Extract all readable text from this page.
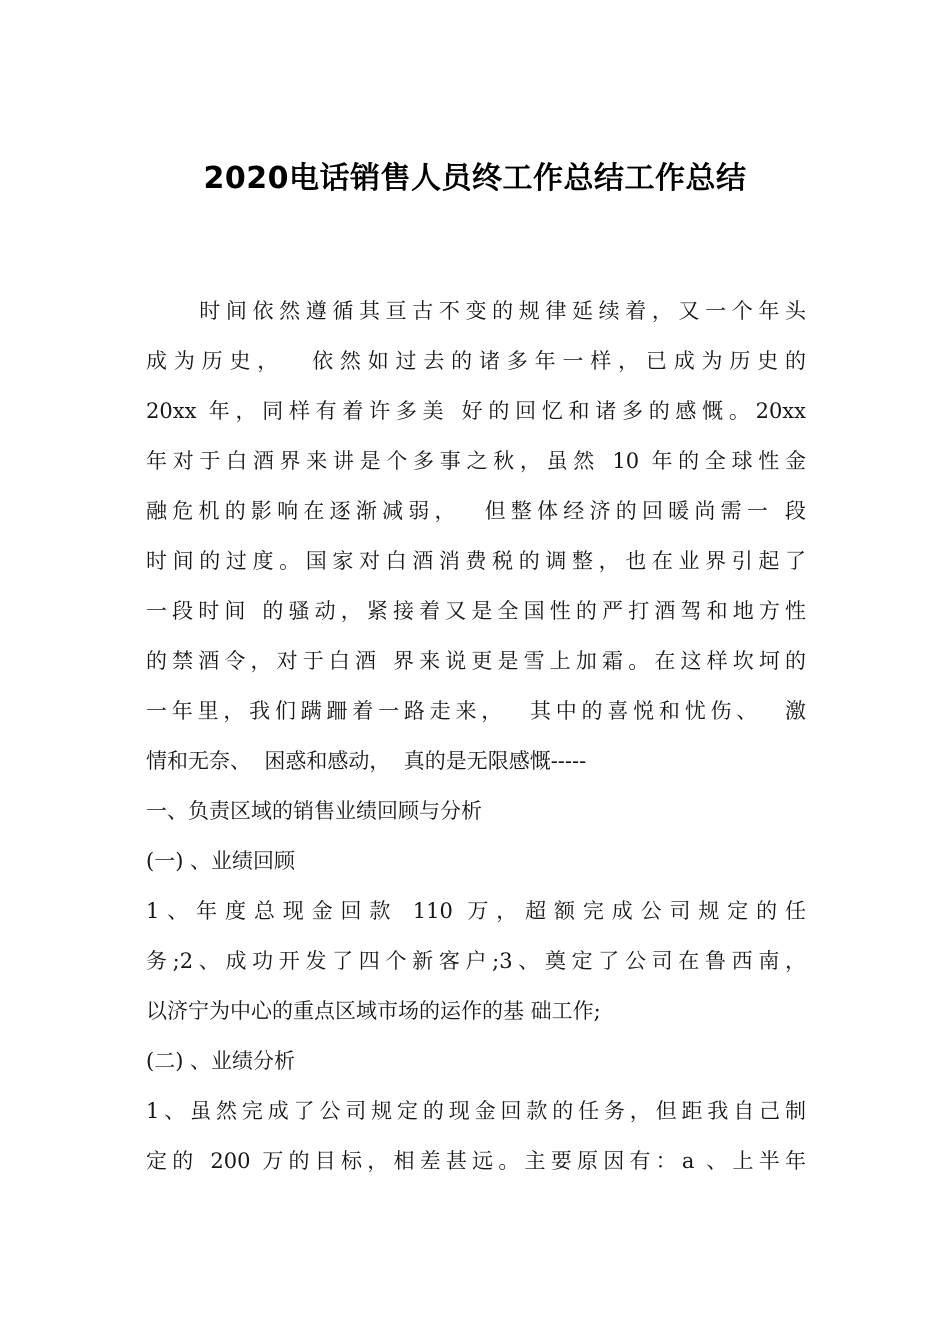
2020电话销售人员终工作总结工作总结
　　时间依然遵循其亘古不变的规律延续着，又一个年头
成为历史，  依然如过去的诸多年一样，已成为历史的
20xx 年，同样有着许多美 好的回忆和诸多的感慨。20xx
年对于白酒界来讲是个多事之秋，虽然 10 年的全球性金
融危机的影响在逐渐减弱，  但整体经济的回暖尚需一 段
时间的过度。国家对白酒消费税的调整，也在业界引起了
一段时间 的骚动，紧接着又是全国性的严打酒驾和地方性
的禁酒令，对于白酒 界来说更是雪上加霜。在这样坎坷的
一年里，我们蹒跚着一路走来，  其中的喜悦和忧伤、  激
情和无奈、  困惑和感动，  真的是无限感慨-----
一、负责区域的销售业绩回顾与分析
(一) 、业绩回顾
1、年度总现金回款 110 万，超额完成公司规定的任
务;2、成功开发了四个新客户;3、奠定了公司在鲁西南，
以济宁为中心的重点区域市场的运作的基 础工作;
(二) 、业绩分析
1、虽然完成了公司规定的现金回款的任务，但距我自己制
定的 200 万的目标，相差甚远。主要原因有：a 、上半年
